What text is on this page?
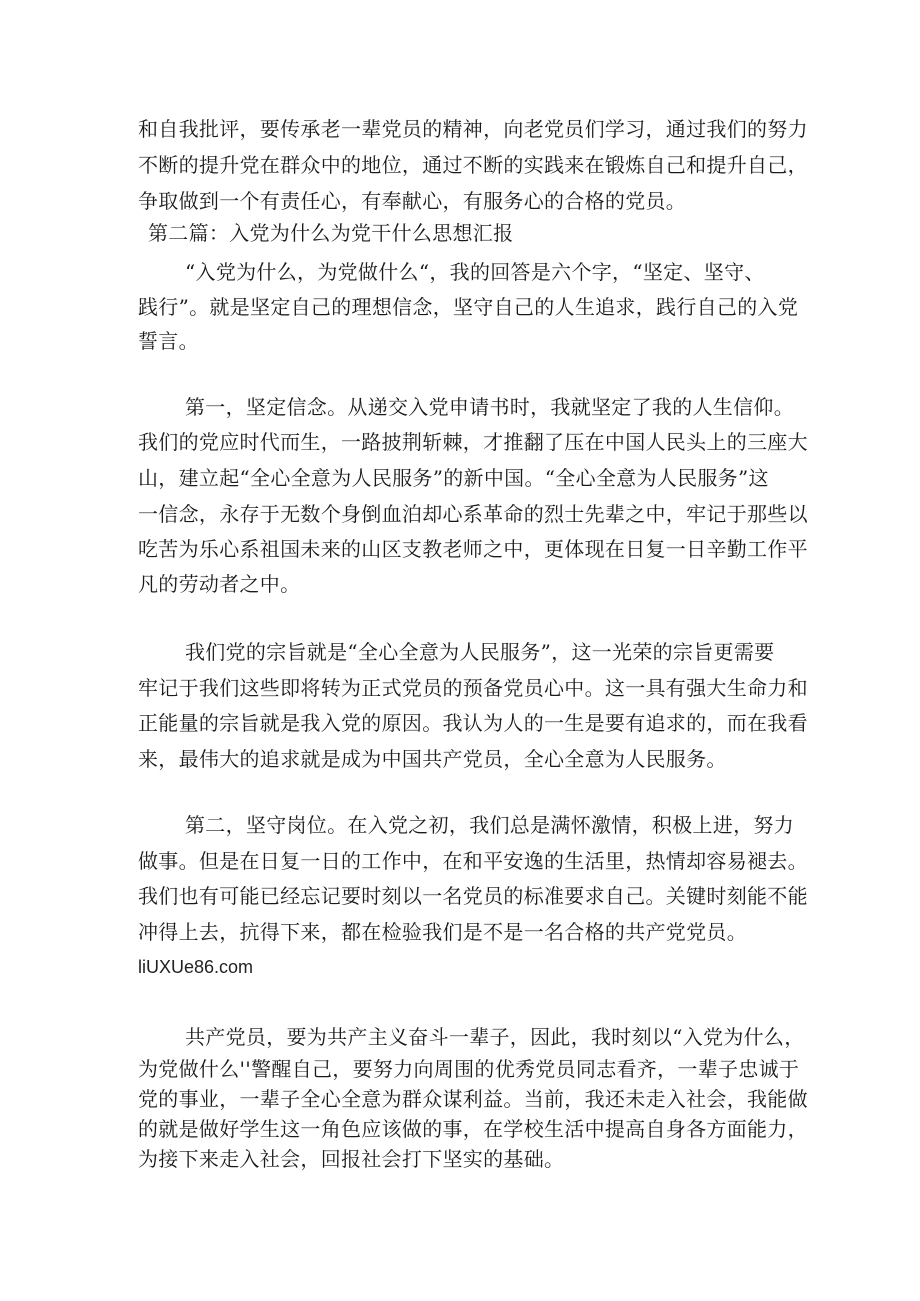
和自我批评，要传承老一辈党员的精神，向老党员们学习，通过我们的努力
不断的提升党在群众中的地位，通过不断的实践来在锻炼自己和提升自己，
争取做到一个有责任心，有奉献心，有服务心的合格的党员。
第二篇：入党为什么为党干什么思想汇报
“入党为什么，为党做什么“，我的回答是六个字，“坚定、坚守、
践行”。就是坚定自己的理想信念，坚守自己的人生追求，践行自己的入党
誓言。
第一，坚定信念。从递交入党申请书时，我就坚定了我的人生信仰。
我们的党应时代而生，一路披荆斩棘，才推翻了压在中国人民头上的三座大
山，建立起“全心全意为人民服务”的新中国。“全心全意为人民服务”这
一信念，永存于无数个身倒血泊却心系革命的烈士先辈之中，牢记于那些以
吃苦为乐心系祖国未来的山区支教老师之中，更体现在日复一日辛勤工作平
凡的劳动者之中。
我们党的宗旨就是“全心全意为人民服务”，这一光荣的宗旨更需要
牢记于我们这些即将转为正式党员的预备党员心中。这一具有强大生命力和
正能量的宗旨就是我入党的原因。我认为人的一生是要有追求的，而在我看
来，最伟大的追求就是成为中国共产党员，全心全意为人民服务。
第二，坚守岗位。在入党之初，我们总是满怀激情，积极上进，努力
做事。但是在日复一日的工作中，在和平安逸的生活里，热情却容易褪去。
我们也有可能已经忘记要时刻以一名党员的标准要求自己。关键时刻能不能
冲得上去，抗得下来，都在检验我们是不是一名合格的共产党党员。
liUXUe86.com
共产党员，要为共产主义奋斗一辈子，因此，我时刻以“入党为什么，
为党做什么''警醒自己，要努力向周围的优秀党员同志看齐，一辈子忠诚于
党的事业，一辈子全心全意为群众谋利益。当前，我还未走入社会，我能做
的就是做好学生这一角色应该做的事，在学校生活中提高自身各方面能力，
为接下来走入社会，回报社会打下坚实的基础。
